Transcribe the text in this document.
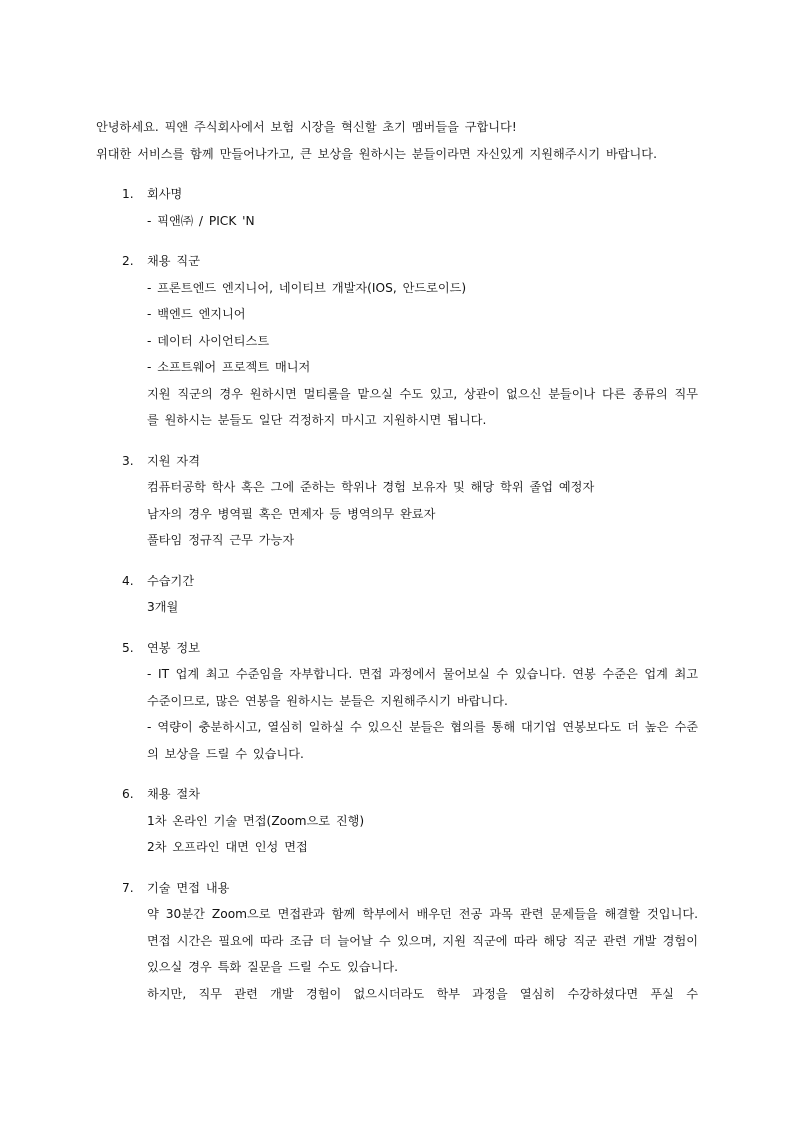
안녕하세요. 픽앤 주식회사에서 보험 시장을 혁신할 초기 멤버들을 구합니다!

위대한 서비스를 함께 만들어나가고, 큰 보상을 원하시는 분들이라면 자신있게 지원해주시기 바랍니다.

1. 회사명

- 픽앤㈜ / PICK 'N

2. 채용 직군

- 프론트엔드 엔지니어, 네이티브 개발자(IOS, 안드로이드)

- 백엔드 엔지니어

- 데이터 사이언티스트

- 소프트웨어 프로젝트 매니저

지원 직군의 경우 원하시면 멀티롤을 맡으실 수도 있고, 상관이 없으신 분들이나 다른 종류의 직무를 원하시는 분들도 일단 걱정하지 마시고 지원하시면 됩니다.

3. 지원 자격

컴퓨터공학 학사 혹은 그에 준하는 학위나 경험 보유자 및 해당 학위 졸업 예정자

남자의 경우 병역필 혹은 면제자 등 병역의무 완료자

풀타임 정규직 근무 가능자

4. 수습기간

3개월

5. 연봉 정보

- IT 업계 최고 수준임을 자부합니다. 면접 과정에서 물어보실 수 있습니다. 연봉 수준은 업계 최고 수준이므로, 많은 연봉을 원하시는 분들은 지원해주시기 바랍니다.

- 역량이 충분하시고, 열심히 일하실 수 있으신 분들은 협의를 통해 대기업 연봉보다도 더 높은 수준의 보상을 드릴 수 있습니다.

6. 채용 절차

1차 온라인 기술 면접(Zoom으로 진행)

2차 오프라인 대면 인성 면접

7. 기술 면접 내용

약 30분간 Zoom으로 면접관과 함께 학부에서 배우던 전공 과목 관련 문제들을 해결할 것입니다. 면접 시간은 필요에 따라 조금 더 늘어날 수 있으며, 지원 직군에 따라 해당 직군 관련 개발 경험이 있으실 경우 특화 질문을 드릴 수도 있습니다.

하지만, 직무 관련 개발 경험이 없으시더라도 학부 과정을 열심히 수강하셨다면 푸실 수
